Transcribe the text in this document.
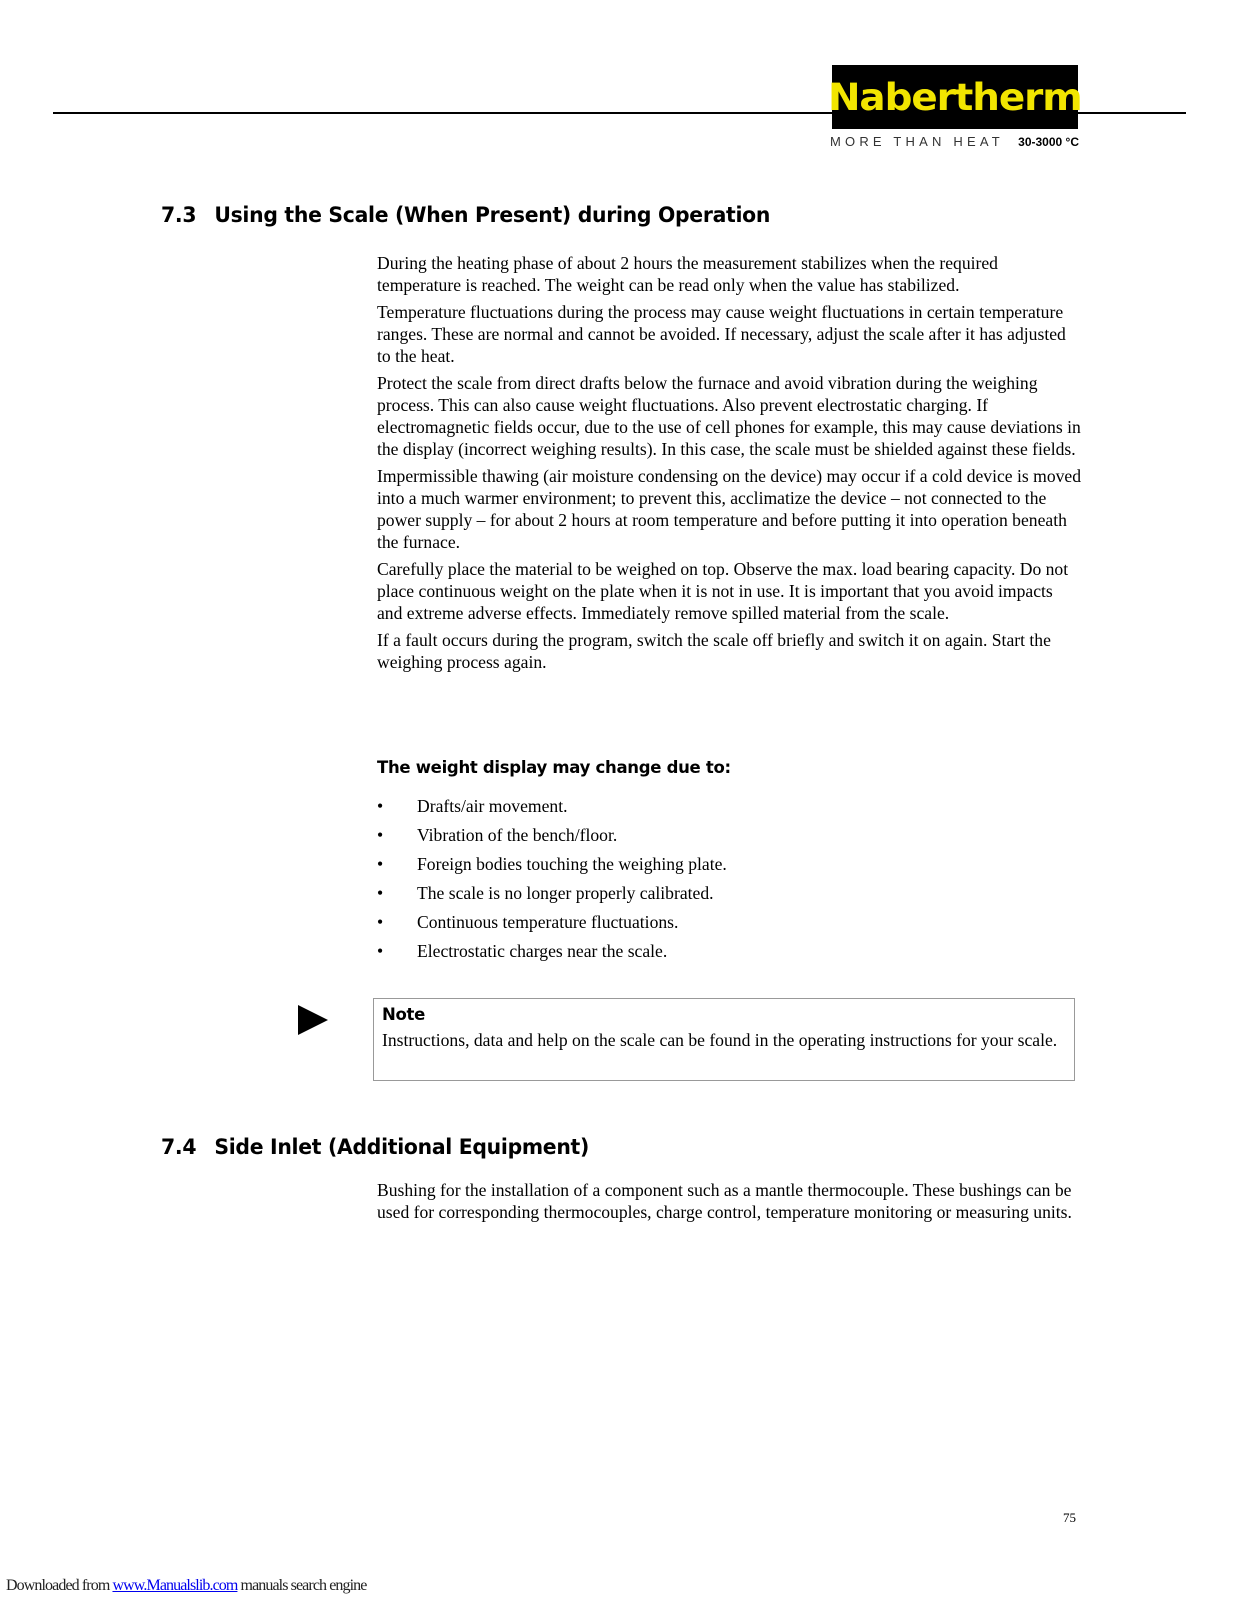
Nabertherm
MORE THAN HEAT 30-3000 °C
7.3 Using the Scale (When Present) during Operation

During the heating phase of about 2 hours the measurement stabilizes when the required temperature is reached. The weight can be read only when the value has stabilized.

Temperature fluctuations during the process may cause weight fluctuations in certain temperature ranges. These are normal and cannot be avoided. If necessary, adjust the scale after it has adjusted to the heat.

Protect the scale from direct drafts below the furnace and avoid vibration during the weighing process. This can also cause weight fluctuations. Also prevent electrostatic charging. If electromagnetic fields occur, due to the use of cell phones for example, this may cause deviations in the display (incorrect weighing results). In this case, the scale must be shielded against these fields.

Impermissible thawing (air moisture condensing on the device) may occur if a cold device is moved into a much warmer environment; to prevent this, acclimatize the device – not connected to the power supply – for about 2 hours at room temperature and before putting it into operation beneath the furnace.

Carefully place the material to be weighed on top. Observe the max. load bearing capacity. Do not place continuous weight on the plate when it is not in use. It is important that you avoid impacts and extreme adverse effects. Immediately remove spilled material from the scale.

If a fault occurs during the program, switch the scale off briefly and switch it on again. Start the weighing process again.

The weight display may change due to:
•	Drafts/air movement.
•	Vibration of the bench/floor.
•	Foreign bodies touching the weighing plate.
•	The scale is no longer properly calibrated.
•	Continuous temperature fluctuations.
•	Electrostatic charges near the scale.
Note
Instructions, data and help on the scale can be found in the operating instructions for your scale.
7.4 Side Inlet (Additional Equipment)

Bushing for the installation of a component such as a mantle thermocouple. These bushings can be used for corresponding thermocouples, charge control, temperature monitoring or measuring units.

75
Downloaded from www.Manualslib.com manuals search engine
